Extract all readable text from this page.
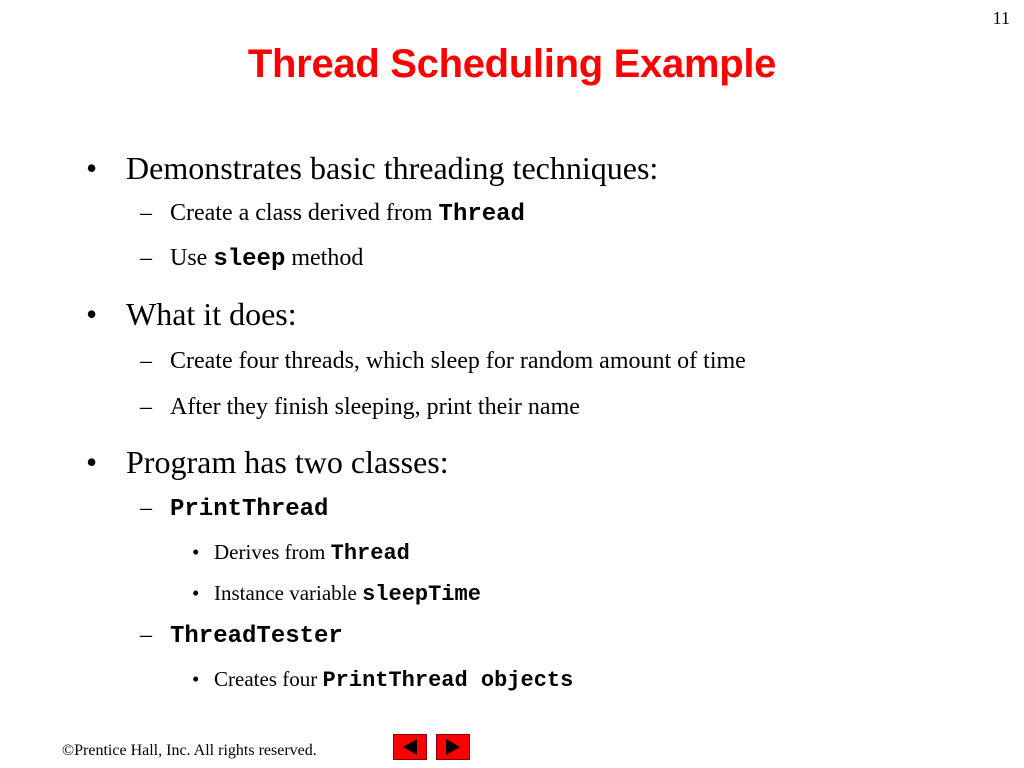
11
Thread Scheduling Example
• Demonstrates basic threading techniques:
– Create a class derived from Thread
– Use sleep method
• What it does:
– Create four threads, which sleep for random amount of time
– After they finish sleeping, print their name
• Program has two classes:
– PrintThread
• Derives from Thread
• Instance variable sleepTime
– ThreadTester
• Creates four PrintThread objects
©Prentice Hall, Inc. All rights reserved.
